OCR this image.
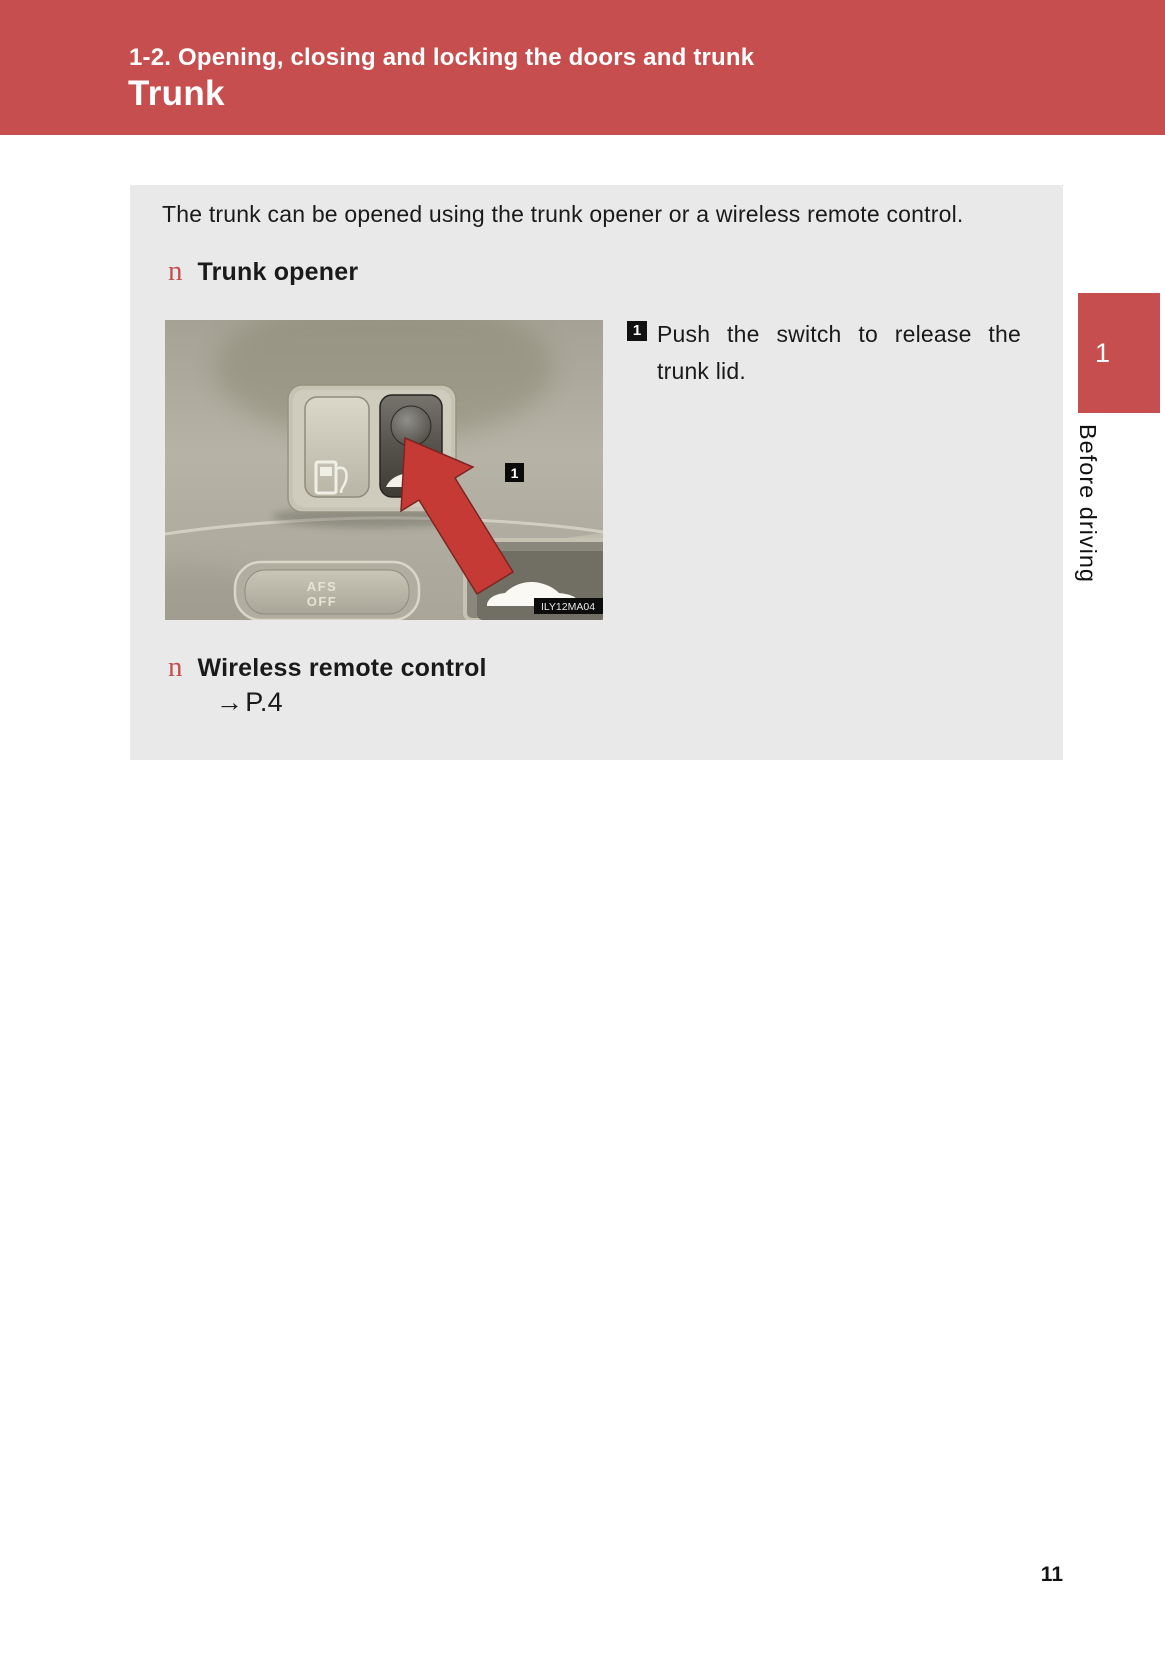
1-2. Opening, closing and locking the doors and trunk
Trunk
The trunk can be opened using the trunk opener or a wireless remote control.
n Trunk opener
AFS
OFF	ILY12MA04
1
1 Push the switch to release the
trunk lid.
n Wireless remote control
→P.4
1
Before driving
11
